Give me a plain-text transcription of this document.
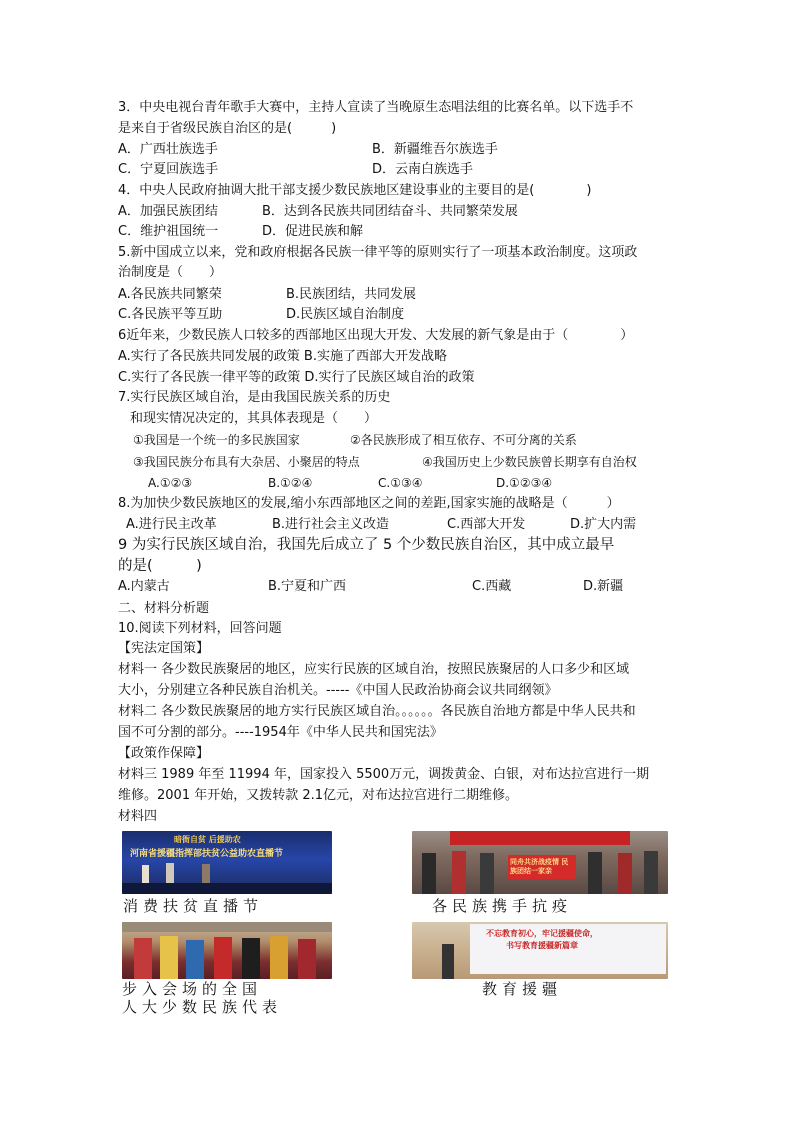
3．中央电视台青年歌手大赛中，主持人宣读了当晚原生态唱法组的比赛名单。以下选手不
是来自于省级民族自治区的是(　　　)
A．广西壮族选手	B．新疆维吾尔族选手
C．宁夏回族选手	D．云南白族选手
4．中央人民政府抽调大批干部支援少数民族地区建设事业的主要目的是(　　　　)
A．加强民族团结	B．达到各民族共同团结奋斗、共同繁荣发展
C．维护祖国统一	D．促进民族和解
5.新中国成立以来，党和政府根据各民族一律平等的原则实行了一项基本政治制度。这项政
治制度是（　　）
A.各民族共同繁荣	B.民族团结，共同发展
C.各民族平等互助	D.民族区域自治制度
6近年来，少数民族人口较多的西部地区出现大开发、大发展的新气象是由于（　　　　）
A.实行了各民族共同发展的政策 B.实施了西部大开发战略
C.实行了各民族一律平等的政策 D.实行了民族区域自治的政策
7.实行民族区域自治，是由我国民族关系的历史
和现实情况决定的，其具体表现是（　　）
①我国是一个统一的多民族国家	②各民族形成了相互依存、不可分离的关系
③我国民族分布具有大杂居、小聚居的特点	④我国历史上少数民族曾长期享有自治权
A.①②③	B.①②④	C.①③④	D.①②③④
8.为加快少数民族地区的发展,缩小东西部地区之间的差距,国家实施的战略是（　　　）
A.进行民主改革	B.进行社会主义改造	C.西部大开发	D.扩大内需
9 为实行民族区域自治，我国先后成立了 5 个少数民族自治区，其中成立最早
的是(　　　)
A.内蒙古	B.宁夏和广西	C.西藏	D.新疆
二、材料分析题
10.阅读下列材料，回答问题
【宪法定国策】
材料一 各少数民族聚居的地区，应实行民族的区域自治，按照民族聚居的人口多少和区域
大小，分别建立各种民族自治机关。-----《中国人民政治协商会议共同纲领》
材料二 各少数民族聚居的地方实行民族区域自治。。。。。。各民族自治地方都是中华人民共和
国不可分割的部分。----1954年《中华人民共和国宪法》
【政策作保障】
材料三 1989 年至 11994 年，国家投入 5500万元，调拨黄金、白银，对布达拉宫进行一期
维修。2001 年开始，又拨转款 2.1亿元，对布达拉宫进行二期维修。
材料四
暗衙自贫 后援助农
河南省援疆指挥部扶贫公益助农直播节
消费扶贫直播节
同舟共济战疫情 民族团结一家亲
各民族携手抗疫
步入会场的全国
人大少数民族代表
不忘教育初心，牢记援疆使命，
书写教育援疆新篇章
教育援疆
